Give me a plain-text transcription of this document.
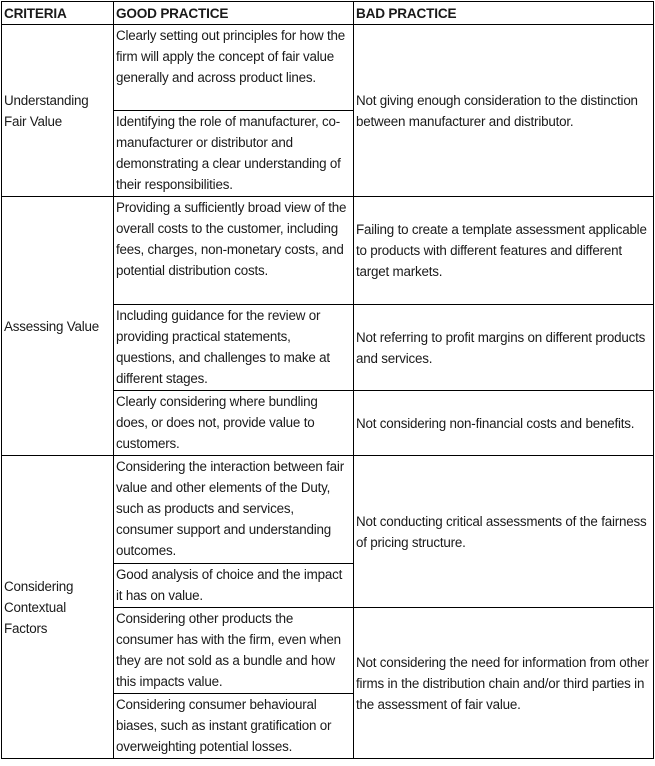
CRITERIA	GOOD PRACTICE	BAD PRACTICE
Understanding Fair Value	Clearly setting out principles for how the firm will apply the concept of fair value generally and across product lines.	Not giving enough consideration to the distinction between manufacturer and distributor.
	Identifying the role of manufacturer, co-manufacturer or distributor and demonstrating a clear understanding of their responsibilities.	
Assessing Value	Providing a sufficiently broad view of the overall costs to the customer, including fees, charges, non-monetary costs, and potential distribution costs.	Failing to create a template assessment applicable to products with different features and different target markets.
	Including guidance for the review or providing practical statements, questions, and challenges to make at different stages.	Not referring to profit margins on different products and services.
	Clearly considering where bundling does, or does not, provide value to customers.	Not considering non-financial costs and benefits.
Considering Contextual Factors	Considering the interaction between fair value and other elements of the Duty, such as products and services, consumer support and understanding outcomes.	Not conducting critical assessments of the fairness of pricing structure.
	Good analysis of choice and the impact it has on value.	
	Considering other products the consumer has with the firm, even when they are not sold as a bundle and how this impacts value.	Not considering the need for information from other firms in the distribution chain and/or third parties in the assessment of fair value.
	Considering consumer behavioural biases, such as instant gratification or overweighting potential losses.	
